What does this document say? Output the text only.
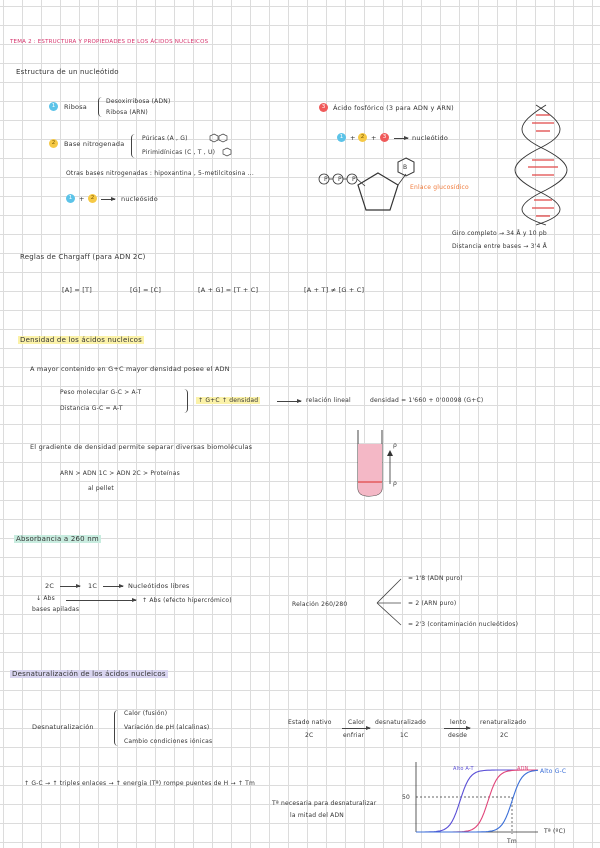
TEMA 2 : ESTRUCTURA Y PROPIEDADES DE LOS ÁCIDOS NUCLEICOS
Estructura de un nucleótido
1	Ribosa
Desoxirribosa (ADN)
Ribosa (ARN)
2	Base nitrogenada
Púricas (A , G)
Pirimidínicas (C , T , U)
Otras bases nitrogenadas : hipoxantina , 5-metilcitosina ...
1	+	2	nucleósido
3	Ácido fosfórico (3 para ADN y ARN)
1	+ 2	+	3	nucleótido
P P P
B
Enlace glucosídico
Giro completo → 34 Å y 10 pb
Distancia entre bases → 3'4 Å
Reglas de Chargaff (para ADN 2C)
[A] = [T]	[G] = [C]	[A + G] = [T + C]	[A + T] ≠ [G + C]
Densidad de los ácidos nucleicos
A mayor contenido en G+C mayor densidad posee el ADN
Peso molecular G-C > A-T
Distancia G-C = A-T
↑ G+C ↑ densidad	relación lineal	densidad = 1'660 + 0'00098 (G+C)
El gradiente de densidad permite separar diversas biomoléculas
ARN > ADN 1C > ADN 2C > Proteínas
al pellet
ρ
ρ
Absorbancia a 260 nm
2C	1C	Nucleótidos libres
↓ Abs
bases apiladas
↑ Abs (efecto hipercrómico)
Relación 260/280
= 1'8 (ADN puro)
= 2 (ARN puro)
= 2'3 (contaminación nucleótidos)
Desnaturalización de los ácidos nucleicos
Desnaturalización
Calor (fusión)
Variación de pH (alcalinas)
Cambio condiciones iónicas
Estado nativo
2C
Calor
enfriar
desnaturalizado
1C
lento
desde
renaturalizado
2C
↑ G-C → ↑ triples enlaces → ↑ energía (Tª) rompe puentes de H → ↑ Tm
Tª necesaria para desnaturalizar
la mitad del ADN
50
Tª (ºC)
Tm
Alto A-T	ADN Alto G-C
